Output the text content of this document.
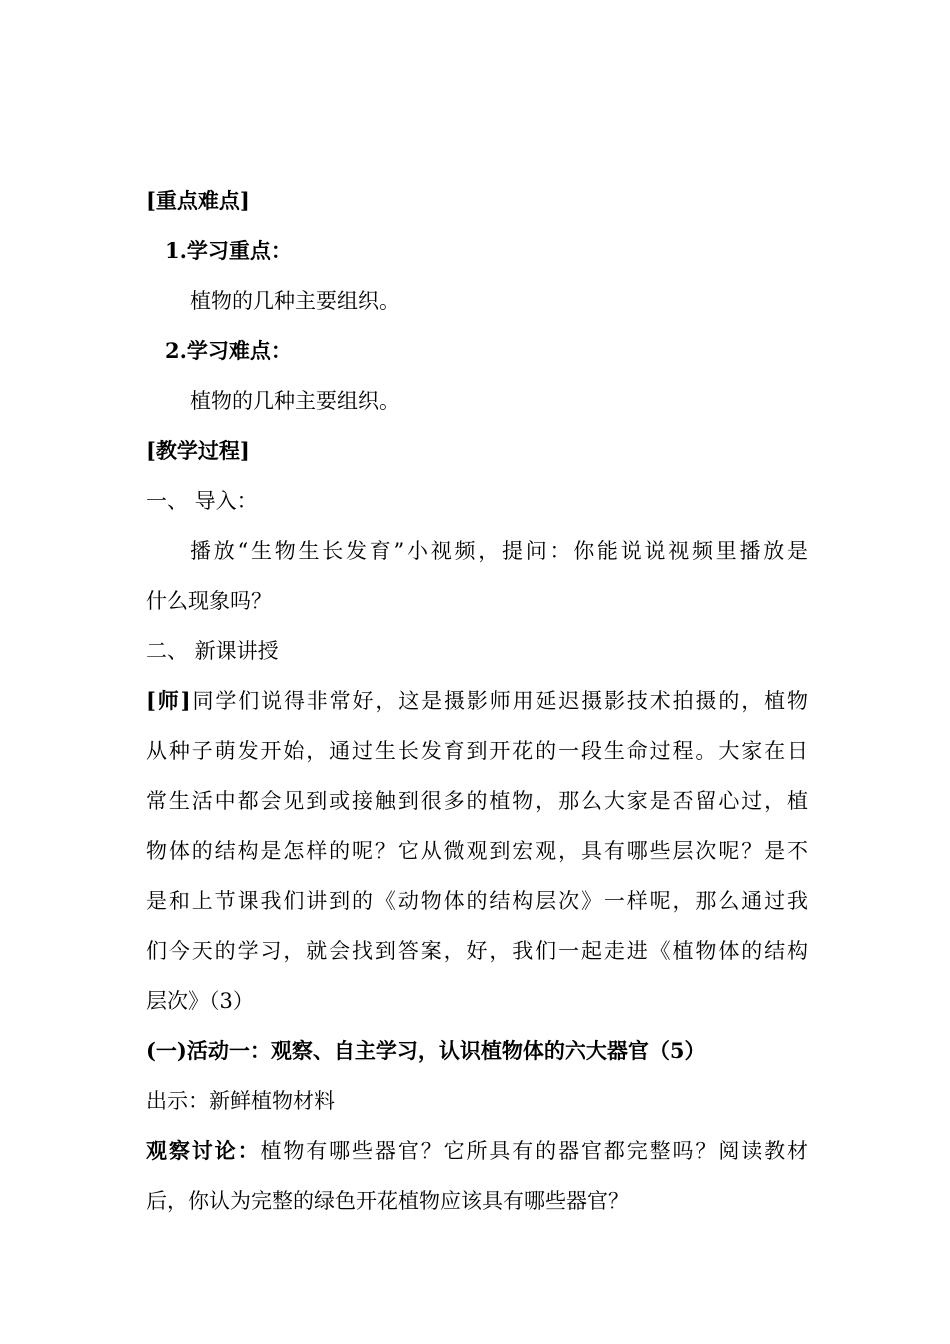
[重点难点]
1.学习重点：
植物的几种主要组织。
2.学习难点：
植物的几种主要组织。
[教学过程]
一、 导入：
播放“生物生长发育”小视频，提问：你能说说视频里播放是
什么现象吗？
二、 新课讲授
[师]同学们说得非常好，这是摄影师用延迟摄影技术拍摄的，植物
从种子萌发开始，通过生长发育到开花的一段生命过程。大家在日
常生活中都会见到或接触到很多的植物，那么大家是否留心过，植
物体的结构是怎样的呢？它从微观到宏观，具有哪些层次呢？是不
是和上节课我们讲到的《动物体的结构层次》一样呢，那么通过我
们今天的学习，就会找到答案，好，我们一起走进《植物体的结构
层次》（3）
(一)活动一：观察、自主学习，认识植物体的六大器官（5）
出示：新鲜植物材料
观察讨论：植物有哪些器官？它所具有的器官都完整吗？阅读教材
后，你认为完整的绿色开花植物应该具有哪些器官？
